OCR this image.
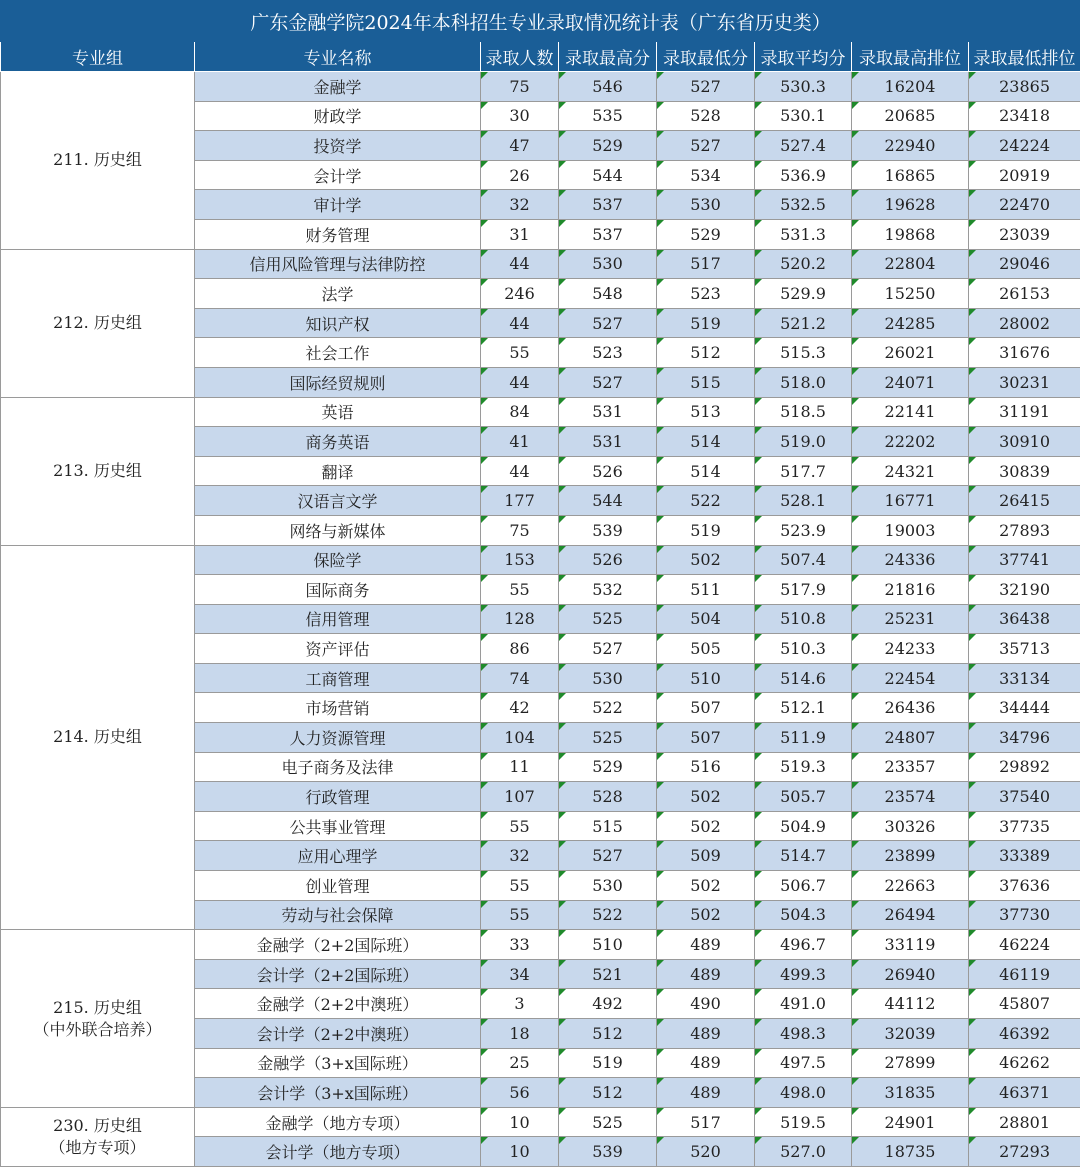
广东金融学院2024年本科招生专业录取情况统计表（广东省历史类）							
专业组	专业名称	录取人数	录取最高分	录取最低分	录取平均分	录取最高排位	录取最低排位

211. 历史组	金融学	75	546	527	530.3	16204	23865
	财政学	30	535	528	530.1	20685	23418
	投资学	47	529	527	527.4	22940	24224
	会计学	26	544	534	536.9	16865	20919
	审计学	32	537	530	532.5	19628	22470
	财务管理	31	537	529	531.3	19868	23039

212. 历史组	信用风险管理与法律防控	44	530	517	520.2	22804	29046
	法学	246	548	523	529.9	15250	26153
	知识产权	44	527	519	521.2	24285	28002
	社会工作	55	523	512	515.3	26021	31676
	国际经贸规则	44	527	515	518.0	24071	30231

213. 历史组	英语	84	531	513	518.5	22141	31191
	商务英语	41	531	514	519.0	22202	30910
	翻译	44	526	514	517.7	24321	30839
	汉语言文学	177	544	522	528.1	16771	26415
	网络与新媒体	75	539	519	523.9	19003	27893

214. 历史组	保险学	153	526	502	507.4	24336	37741
	国际商务	55	532	511	517.9	21816	32190
	信用管理	128	525	504	510.8	25231	36438
	资产评估	86	527	505	510.3	24233	35713
	工商管理	74	530	510	514.6	22454	33134
	市场营销	42	522	507	512.1	26436	34444
	人力资源管理	104	525	507	511.9	24807	34796
	电子商务及法律	11	529	516	519.3	23357	29892
	行政管理	107	528	502	505.7	23574	37540
	公共事业管理	55	515	502	504.9	30326	37735
	应用心理学	32	527	509	514.7	23899	33389
	创业管理	55	530	502	506.7	22663	37636
	劳动与社会保障	55	522	502	504.3	26494	37730

215. 历史组
（中外联合培养）	金融学（2+2国际班）	33	510	489	496.7	33119	46224
	会计学（2+2国际班）	34	521	489	499.3	26940	46119
	金融学（2+2中澳班）	3	492	490	491.0	44112	45807
	会计学（2+2中澳班）	18	512	489	498.3	32039	46392
	金融学（3+x国际班）	25	519	489	497.5	27899	46262
	会计学（3+x国际班）	56	512	489	498.0	31835	46371

230. 历史组
（地方专项）	金融学（地方专项）	10	525	517	519.5	24901	28801
	会计学（地方专项）	10	539	520	527.0	18735	27293
